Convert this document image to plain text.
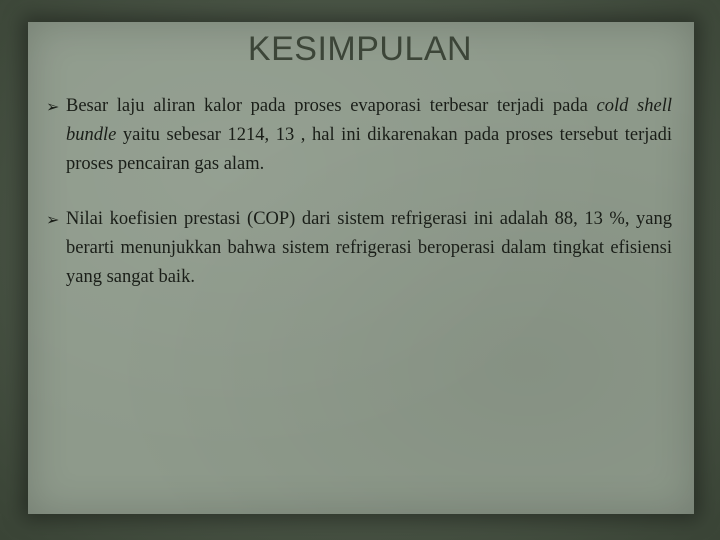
KESIMPULAN
➢ Besar laju aliran kalor pada proses evaporasi terbesar terjadi pada cold shell bundle yaitu sebesar 1214, 13 , hal ini dikarenakan pada proses tersebut terjadi proses pencairan gas alam.
➢ Nilai koefisien prestasi (COP) dari sistem refrigerasi ini adalah 88, 13 %, yang berarti menunjukkan bahwa sistem refrigerasi beroperasi dalam tingkat efisiensi yang sangat baik.
